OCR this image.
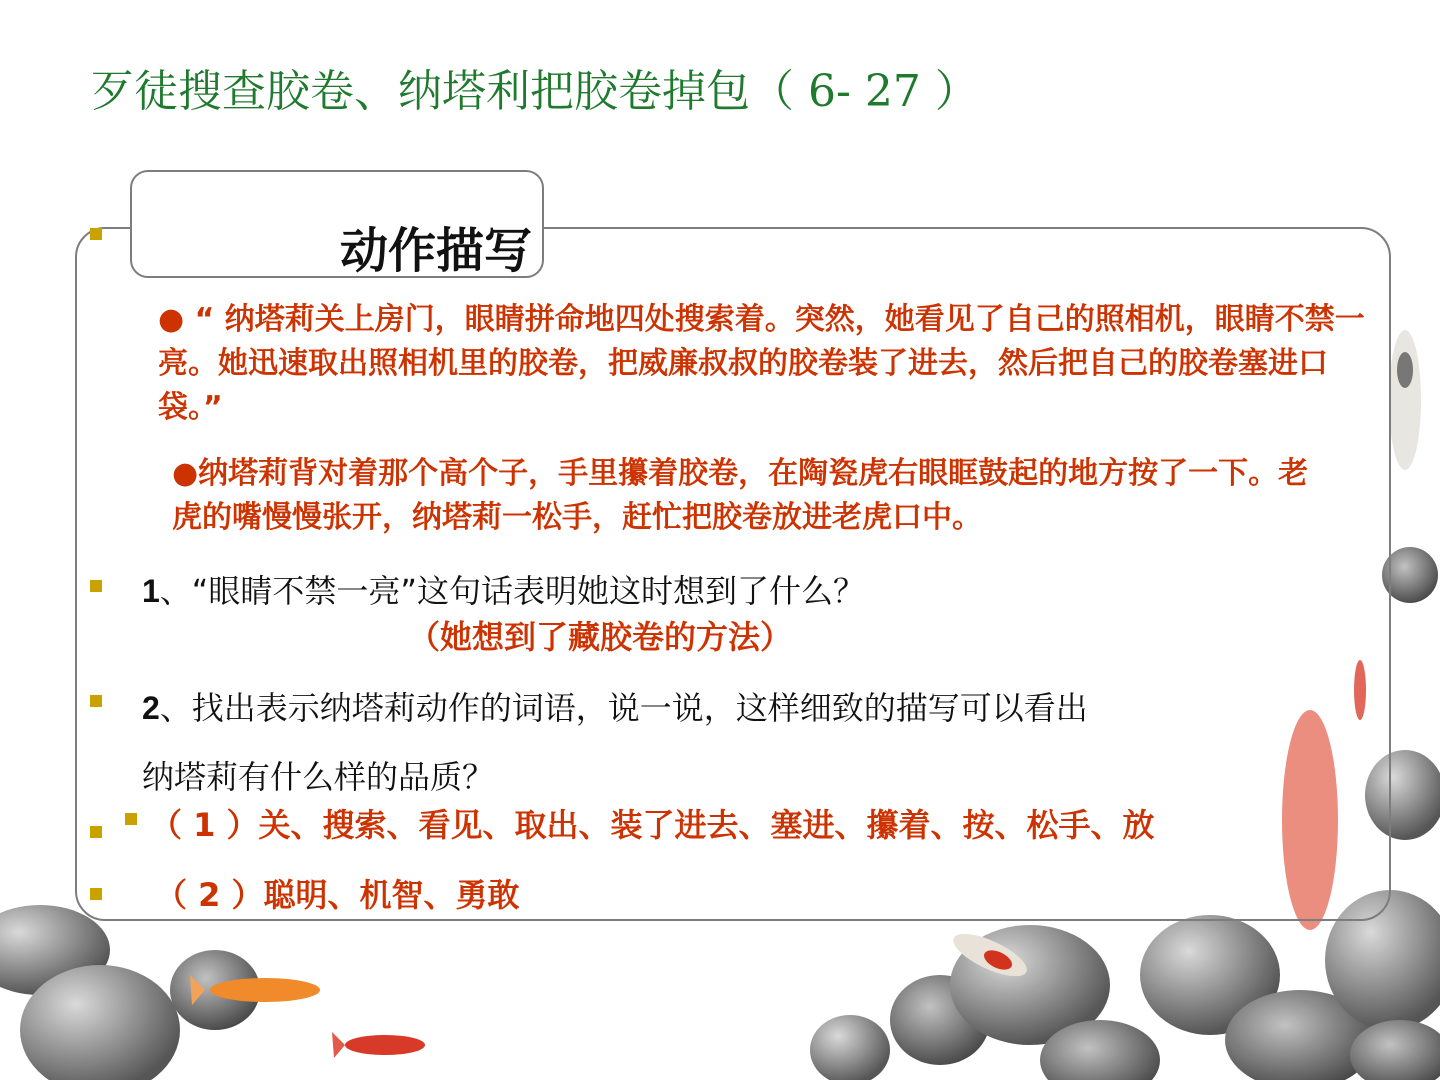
歹徒搜查胶卷、纳塔利把胶卷掉包（ 6- 27 ）
动作描写
● “ 纳塔莉关上房门，眼睛拼命地四处搜索着。突然，她看见了自己的照相机，眼睛不禁一亮。她迅速取出照相机里的胶卷，把威廉叔叔的胶卷装了进去，然后把自己的胶卷塞进口袋。”
●纳塔莉背对着那个高个子，手里攥着胶卷，在陶瓷虎右眼眶鼓起的地方按了一下。老虎的嘴慢慢张开，纳塔莉一松手，赶忙把胶卷放进老虎口中。
1、“眼睛不禁一亮”这句话表明她这时想到了什么？
（她想到了藏胶卷的方法）
2、找出表示纳塔莉动作的词语，说一说，这样细致的描写可以看出
纳塔莉有什么样的品质？
（ 1 ）关、搜索、看见、取出、装了进去、塞进、攥着、按、松手、放
（ 2 ）聪明、机智、勇敢
